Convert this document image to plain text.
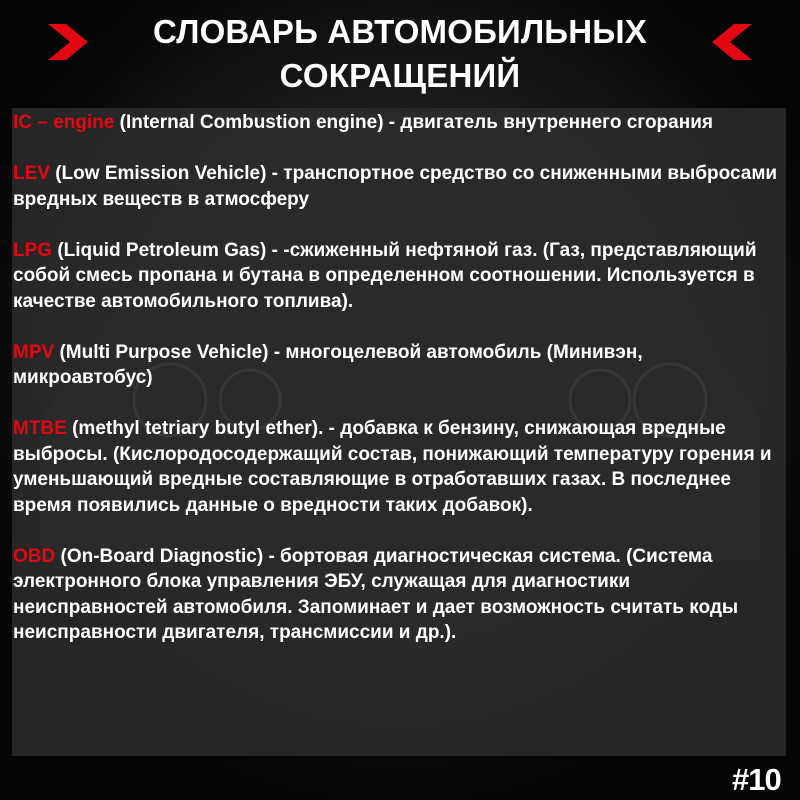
СЛОВАРЬ АВТОМОБИЛЬНЫХ
СОКРАЩЕНИЙ
IC – engine (Internal Combustion engine) - двигатель внутреннего сгорания
LEV (Low Emission Vehicle) - транспортное средство со сниженными выбросами вредных веществ в атмосферу
LPG (Liquid Petroleum Gas) - -сжиженный нефтяной газ. (Газ, представляющий собой смесь пропана и бутана в определенном соотношении. Используется в качестве автомобильного топлива).
MPV (Multi Purpose Vehicle) - многоцелевой автомобиль (Минивэн, микроавтобус)
MTBE (methyl tetriary butyl ether). - добавка к бензину, снижающая вредные выбросы. (Кислородосодержащий состав, понижающий температуру горения и уменьшающий вредные составляющие в отработавших газах. В последнее время появились данные о вредности таких добавок).
OBD (On-Board Diagnostic) - бортовая диагностическая система. (Система электронного блока управления ЭБУ, служащая для диагностики неисправностей автомобиля. Запоминает и дает возможность считать коды неисправности двигателя, трансмиссии и др.).
#10
